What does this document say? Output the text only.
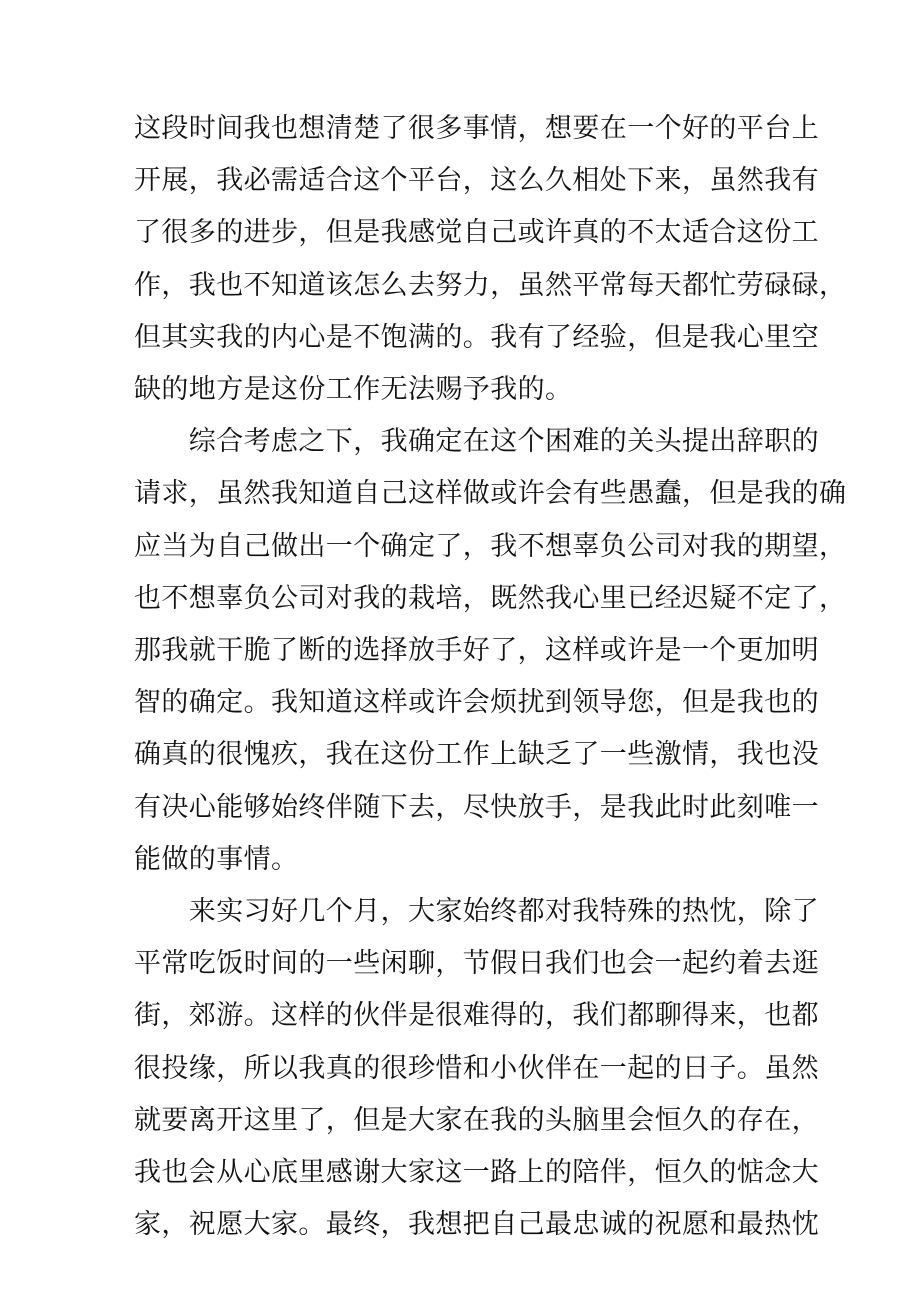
这段时间我也想清楚了很多事情，想要在一个好的平台上
开展，我必需适合这个平台，这么久相处下来，虽然我有
了很多的进步，但是我感觉自己或许真的不太适合这份工
作，我也不知道该怎么去努力，虽然平常每天都忙劳碌碌，
但其实我的内心是不饱满的。我有了经验，但是我心里空
缺的地方是这份工作无法赐予我的。
　　综合考虑之下，我确定在这个困难的关头提出辞职的
请求，虽然我知道自己这样做或许会有些愚蠢，但是我的确
应当为自己做出一个确定了，我不想辜负公司对我的期望，
也不想辜负公司对我的栽培，既然我心里已经迟疑不定了，
那我就干脆了断的选择放手好了，这样或许是一个更加明
智的确定。我知道这样或许会烦扰到领导您，但是我也的
确真的很愧疚，我在这份工作上缺乏了一些激情，我也没
有决心能够始终伴随下去，尽快放手，是我此时此刻唯一
能做的事情。
　　来实习好几个月，大家始终都对我特殊的热忱，除了
平常吃饭时间的一些闲聊，节假日我们也会一起约着去逛
街，郊游。这样的伙伴是很难得的，我们都聊得来，也都
很投缘，所以我真的很珍惜和小伙伴在一起的日子。虽然
就要离开这里了，但是大家在我的头脑里会恒久的存在，
我也会从心底里感谢大家这一路上的陪伴，恒久的惦念大
家，祝愿大家。最终，我想把自己最忠诚的祝愿和最热忱
